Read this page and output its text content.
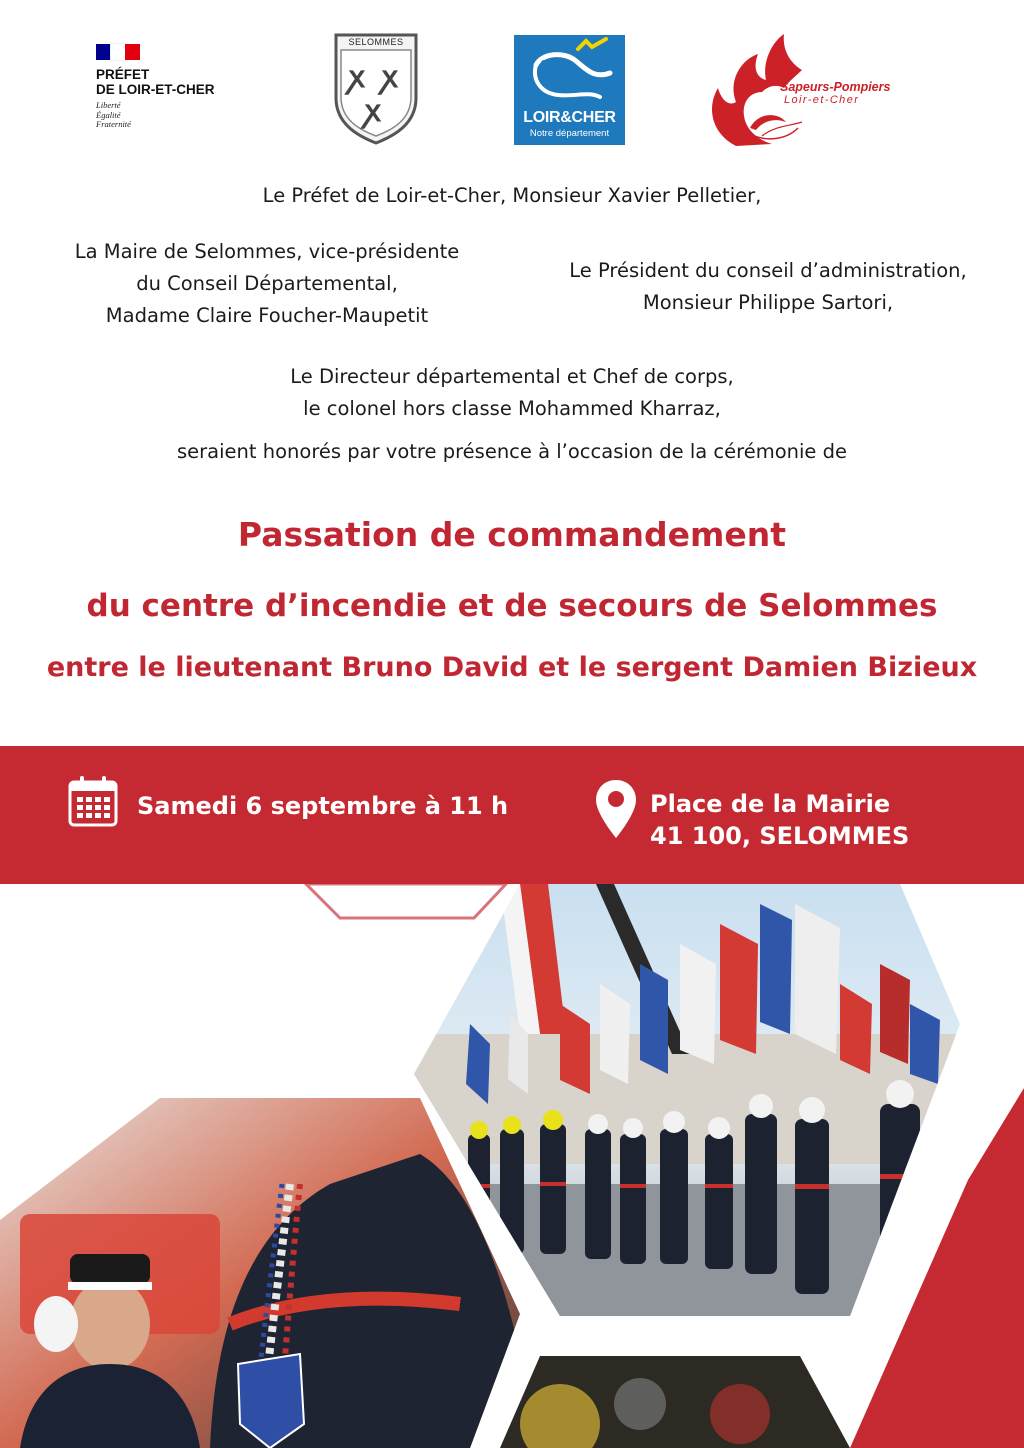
PRÉFET
DE LOIR-ET-CHER
Liberté
Égalité
Fraternité
ꭗ ꭗ
ꭗ
SELOMMES
LOIR&CHER
Notre département
Sapeurs-Pompiers
Loir-et-Cher
Le Préfet de Loir-et-Cher, Monsieur Xavier Pelletier,
La Maire de Selommes, vice-présidente
du Conseil Départemental,
Madame Claire Foucher-Maupetit
Le Président du conseil d’administration,
Monsieur Philippe Sartori,
Le Directeur départemental et Chef de corps,
le colonel hors classe Mohammed Kharraz,
seraient honorés par votre présence à l’occasion de la cérémonie de
Passation de commandement
du centre d’incendie et de secours de Selommes
entre le lieutenant Bruno David et le sergent Damien Bizieux
Samedi 6 septembre à 11 h	Place de la Mairie
41 100, SELOMMES
